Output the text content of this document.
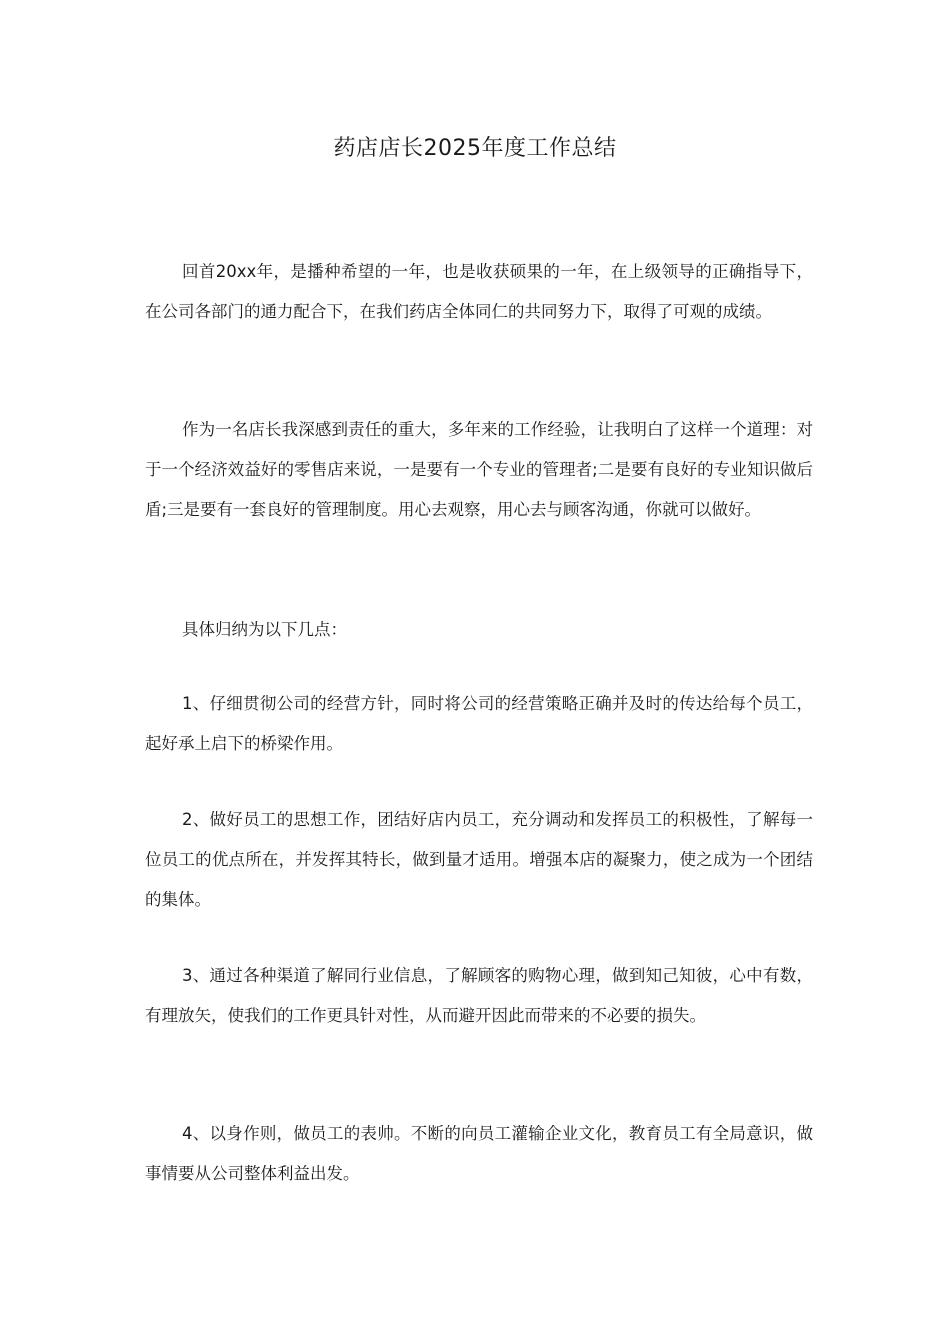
药店店长2025年度工作总结

回首20xx年，是播种希望的一年，也是收获硕果的一年，在上级领导的正确指导下，在公司各部门的通力配合下，在我们药店全体同仁的共同努力下，取得了可观的成绩。

作为一名店长我深感到责任的重大，多年来的工作经验，让我明白了这样一个道理：对于一个经济效益好的零售店来说，一是要有一个专业的管理者;二是要有良好的专业知识做后盾;三是要有一套良好的管理制度。用心去观察，用心去与顾客沟通，你就可以做好。

具体归纳为以下几点：

1、仔细贯彻公司的经营方针，同时将公司的经营策略正确并及时的传达给每个员工，起好承上启下的桥梁作用。

2、做好员工的思想工作，团结好店内员工，充分调动和发挥员工的积极性，了解每一位员工的优点所在，并发挥其特长，做到量才适用。增强本店的凝聚力，使之成为一个团结的集体。

3、通过各种渠道了解同行业信息，了解顾客的购物心理，做到知己知彼，心中有数，有理放矢，使我们的工作更具针对性，从而避开因此而带来的不必要的损失。

4、以身作则，做员工的表帅。不断的向员工灌输企业文化，教育员工有全局意识，做事情要从公司整体利益出发。
